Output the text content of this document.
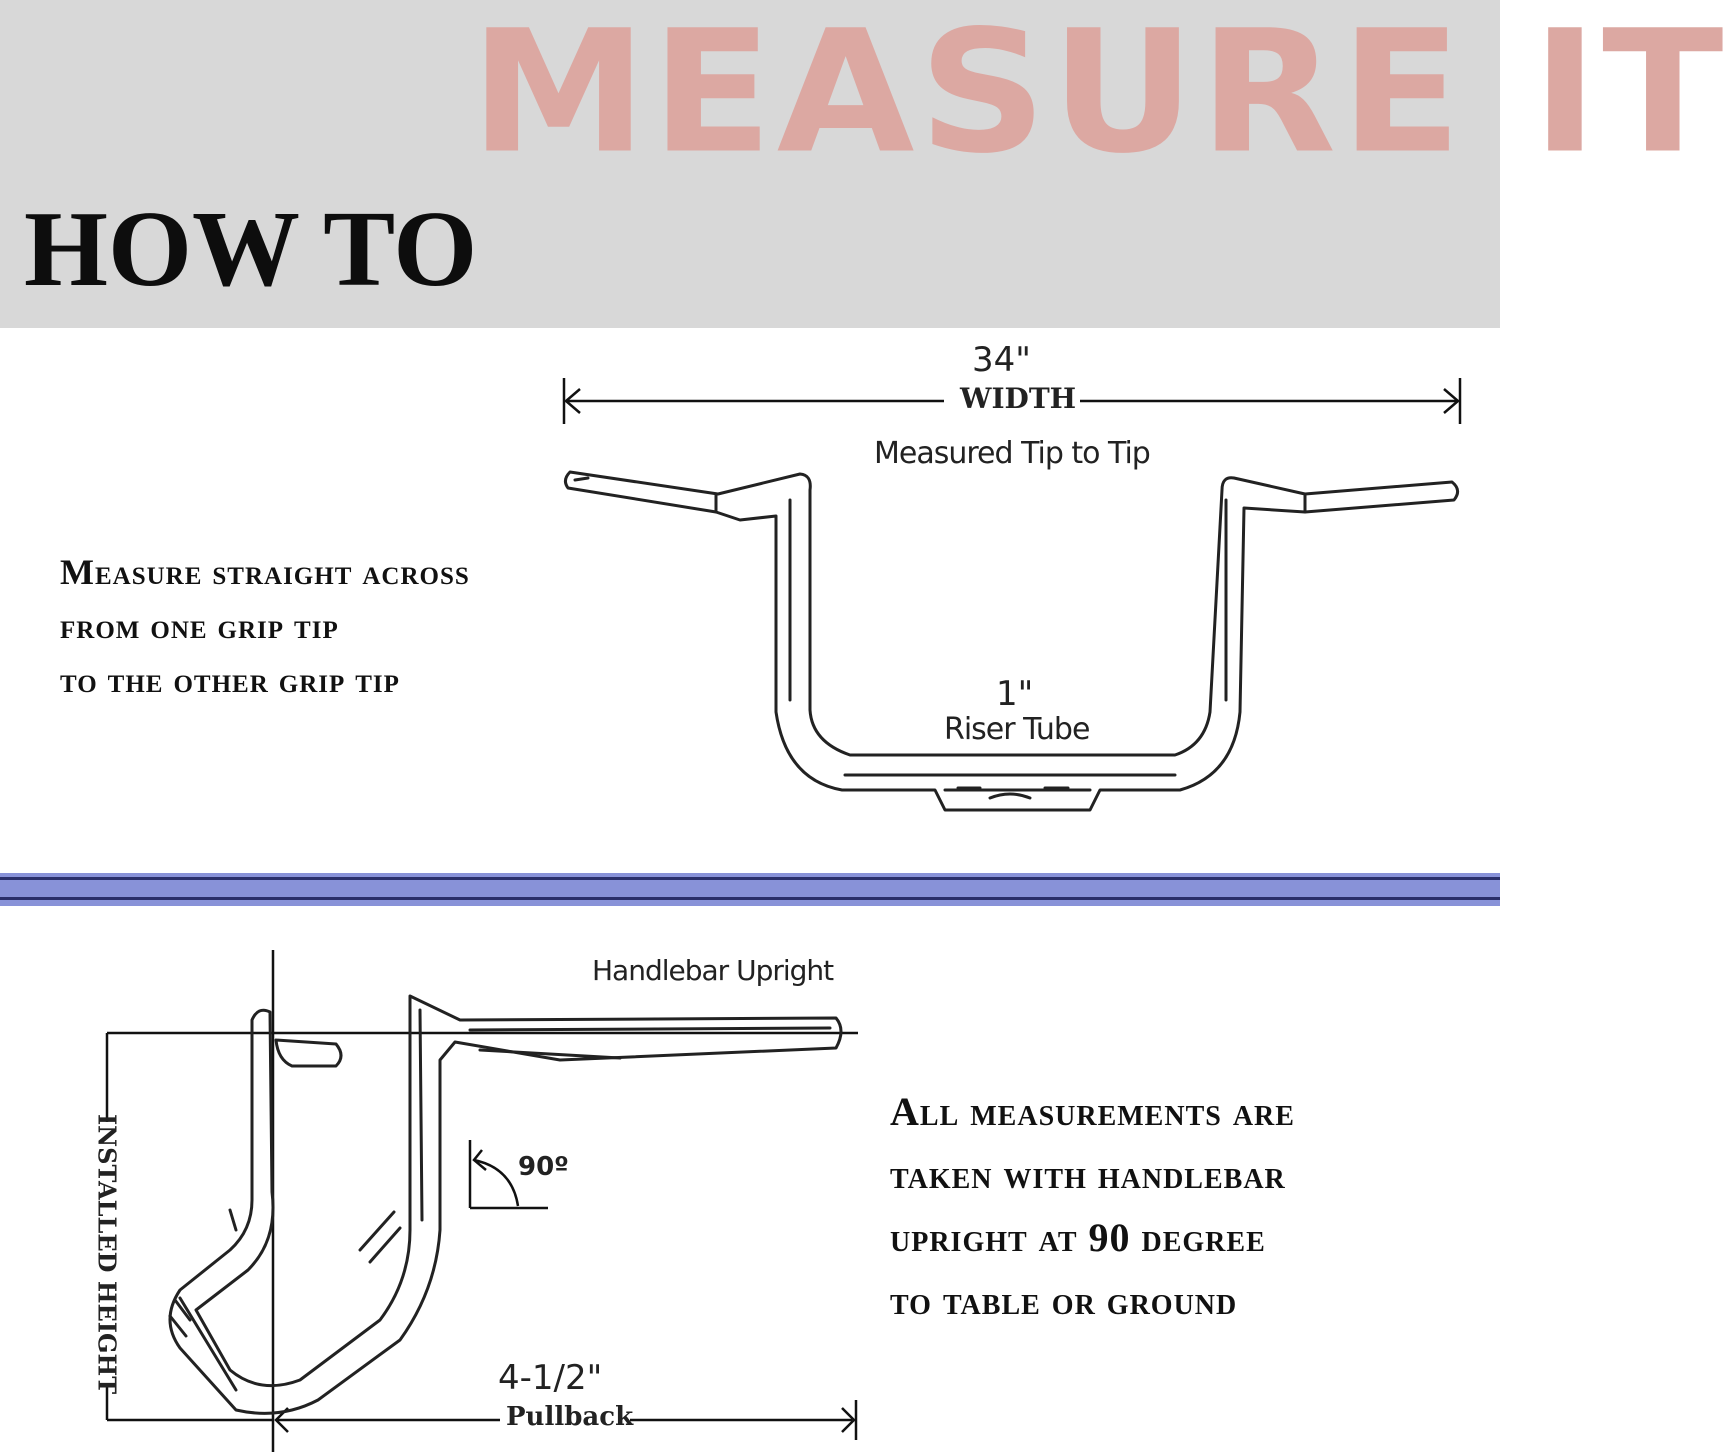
MEASURE IT
HOW TO
34"
WIDTH
Measured Tip to Tip
1"
Riser Tube
Measure straight across
from one grip tip
to the other grip tip
Handlebar Upright
90º
4-1/2"
Pullback
INSTALLED HEIGHT
All measurements are
taken with handlebar
upright at 90 degree
to table or ground
